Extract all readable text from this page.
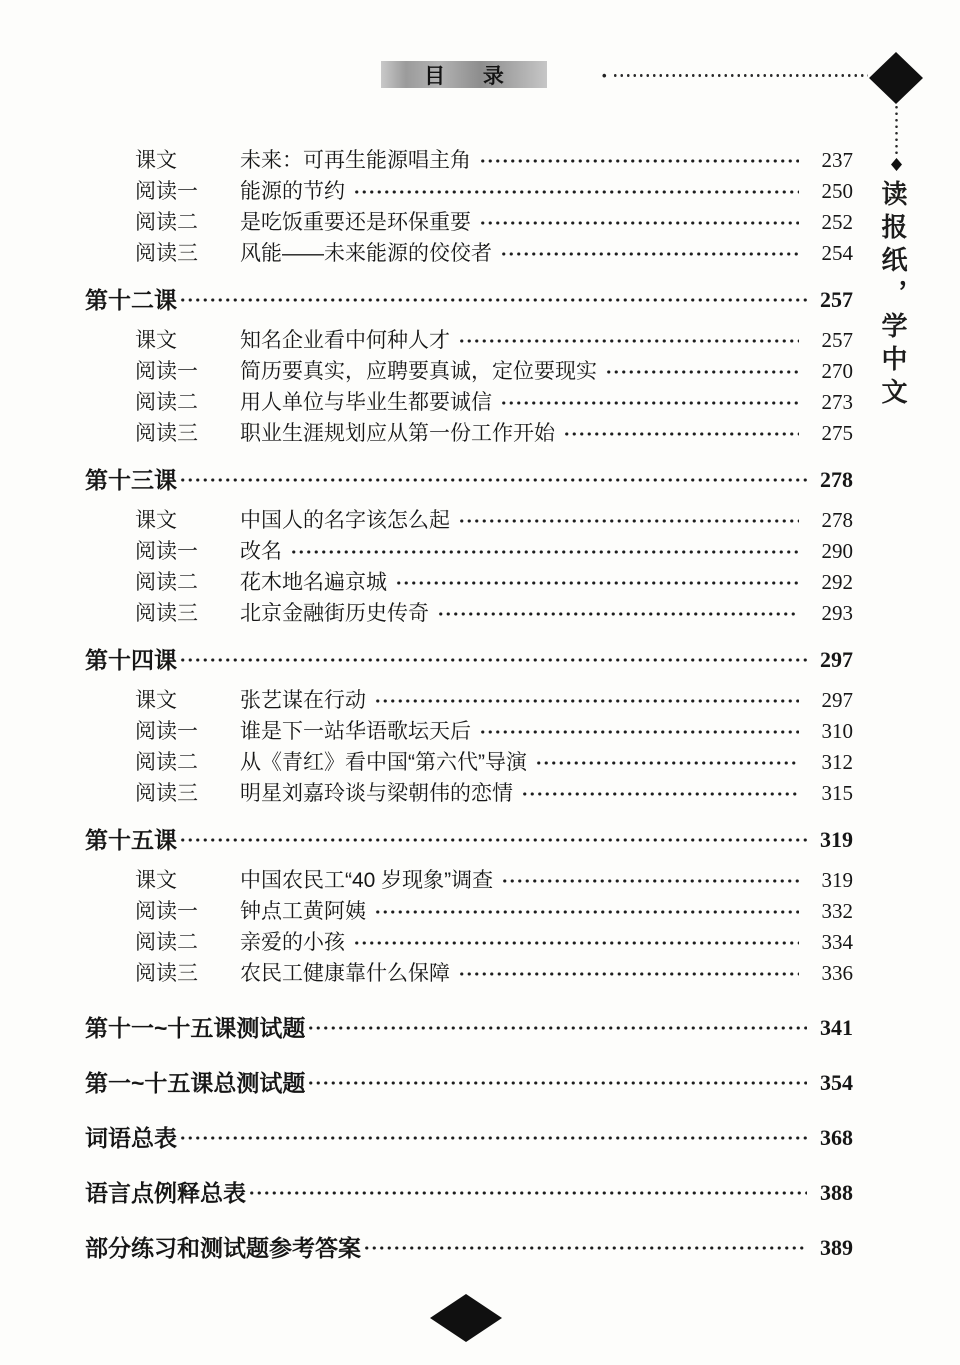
目 录	•
读报纸，学中文
课文	未来：可再生能源唱主角	237
阅读一	能源的节约	250
阅读二	是吃饭重要还是环保重要	252
阅读三	风能——未来能源的佼佼者	254
第十二课	257
课文	知名企业看中何种人才	257
阅读一	简历要真实，应聘要真诚，定位要现实	270
阅读二	用人单位与毕业生都要诚信	273
阅读三	职业生涯规划应从第一份工作开始	275
第十三课	278
课文	中国人的名字该怎么起	278
阅读一	改名	290
阅读二	花木地名遍京城	292
阅读三	北京金融街历史传奇	293
第十四课	297
课文	张艺谋在行动	297
阅读一	谁是下一站华语歌坛天后	310
阅读二	从《青红》看中国“第六代”导演	312
阅读三	明星刘嘉玲谈与梁朝伟的恋情	315
第十五课	319
课文	中国农民工“40 岁现象”调查	319
阅读一	钟点工黄阿姨	332
阅读二	亲爱的小孩	334
阅读三	农民工健康靠什么保障	336
第十一~十五课测试题	341
第一~十五课总测试题	354
词语总表	368
语言点例释总表	388
部分练习和测试题参考答案	389
